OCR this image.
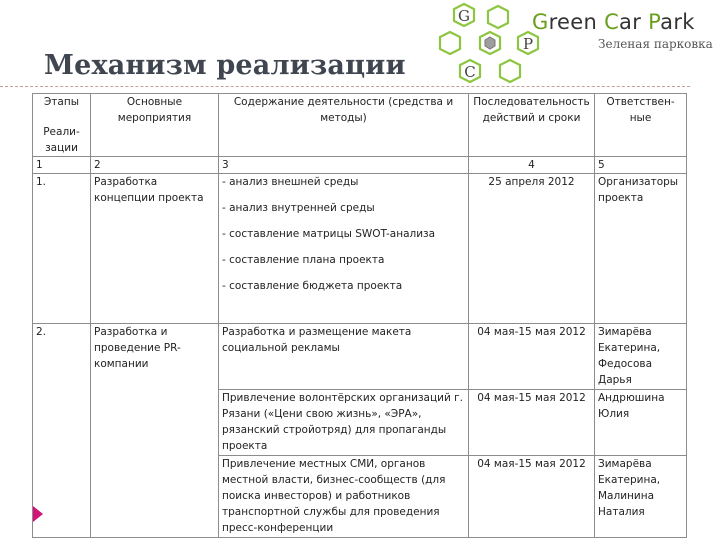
Механизм реализации
G
P
C
Green Car Park
Зеленая парковка
Этапы
Реали-
зации	Основные мероприятия	Содержание деятельности (средства и методы)	Последовательность действий и сроки	Ответствен-ные
1	2	3	4	5
1.	Разработка концепции проекта	- анализ внешней среды
- анализ внутренней среды
- составление матрицы SWOT-анализа
- составление плана проекта
- составление бюджета проекта	25 апреля 2012	Организаторы проекта
2.	Разработка и проведение PR-компании	Разработка и размещение макета социальной рекламы	04 мая-15 мая 2012	Зимарёва Екатерина, Федосова Дарья
		Привлечение волонтёрских организаций г. Рязани («Цени свою жизнь», «ЭРА», рязанский стройотряд) для пропаганды проекта	04 мая-15 мая 2012	Андрюшина Юлия
		Привлечение местных СМИ, органов местной власти, бизнес-сообществ (для поиска инвесторов) и работников транспортной службы для проведения пресс-конференции	04 мая-15 мая 2012	Зимарёва Екатерина, Малинина Наталия
